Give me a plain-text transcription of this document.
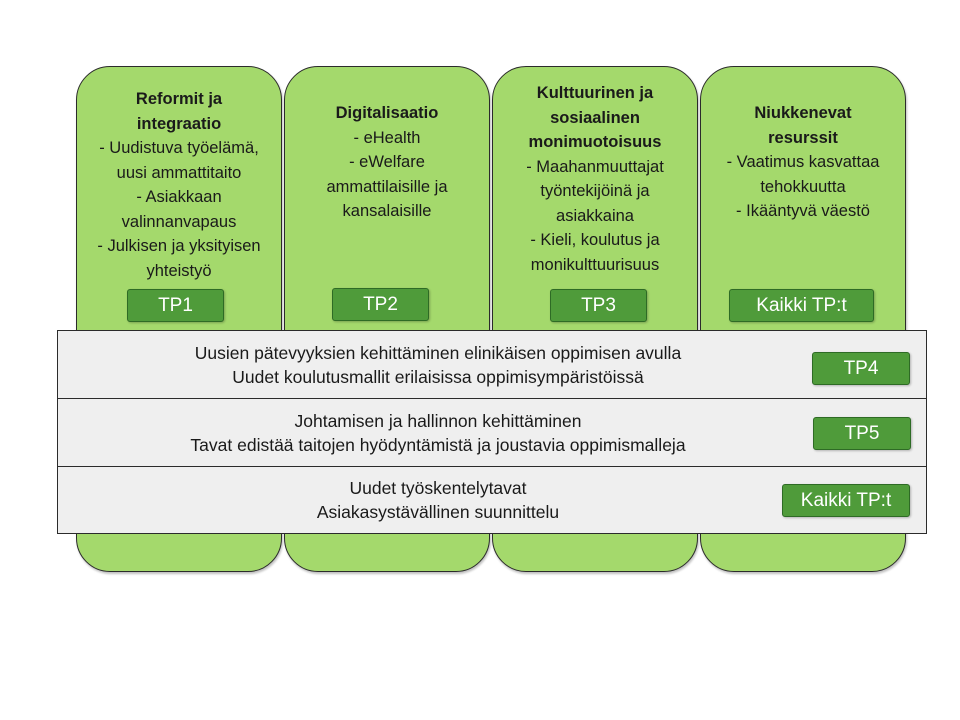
Reformit ja
integraatio
- Uudistuva työelämä,
uusi ammattitaito
- Asiakkaan
valinnanvapaus
- Julkisen ja yksityisen
yhteistyö
TP1
Digitalisaatio
- eHealth
- eWelfare
ammattilaisille ja
kansalaisille
TP2
Kulttuurinen ja
sosiaalinen
monimuotoisuus
- Maahanmuuttajat
työntekijöinä ja
asiakkaina
- Kieli, koulutus ja
monikulttuurisuus
TP3
Niukkenevat
resurssit
- Vaatimus kasvattaa
tehokkuutta
- Ikääntyvä väestö
Kaikki TP:t
Uusien pätevyyksien kehittäminen elinikäisen oppimisen avulla
Uudet koulutusmallit erilaisissa oppimisympäristöissä	TP4
Johtamisen ja hallinnon kehittäminen
Tavat edistää taitojen hyödyntämistä ja joustavia oppimismalleja
TP5
Uudet työskentelytavat
Asiakasystävällinen suunnittelu
Kaikki TP:t
